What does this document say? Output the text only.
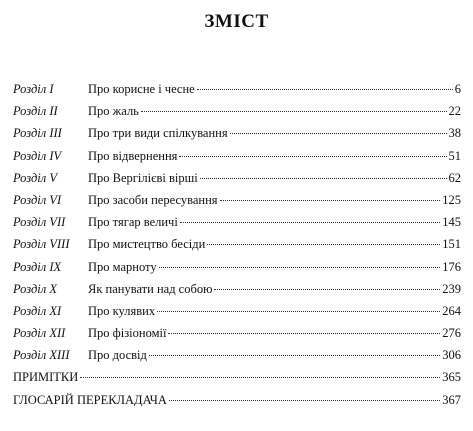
ЗМІСТ
Розділ I	Про корисне і чесне	6
Розділ II	Про жаль	22
Розділ III	Про три види спілкування	38
Розділ IV	Про відвернення	51
Розділ V	Про Вергілієві вірші	62
Розділ VI	Про засоби пересування	125
Розділ VII	Про тягар величі	145
Розділ VIII	Про мистецтво бесіди	151
Розділ IX	Про марноту	176
Розділ X	Як панувати над собою	239
Розділ XI	Про кулявих	264
Розділ XII	Про фізіономії	276
Розділ XIII	Про досвід	306
ПРИМІТКИ	365
ГЛОСАРІЙ ПЕРЕКЛАДАЧА	367
